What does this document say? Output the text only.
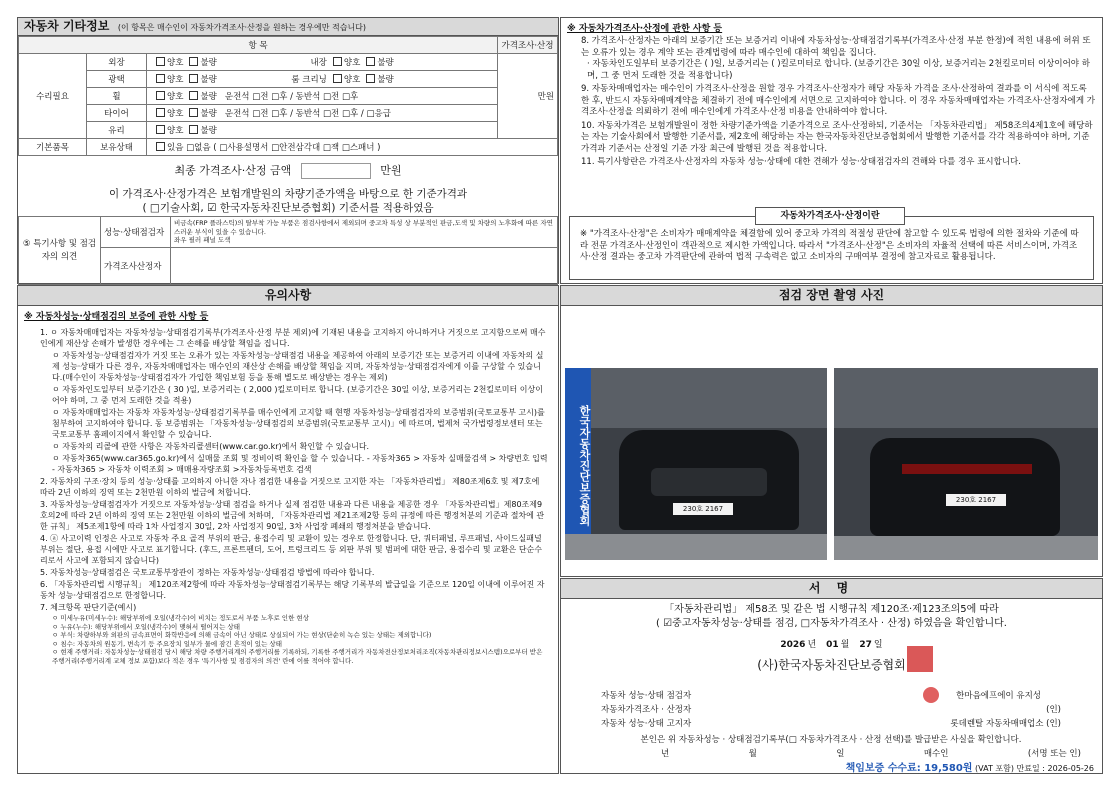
자동차 기타정보 (이 항목은 매수인이 자동차가격조사·산정을 원하는 경우에만 적습니다)
항 목			가격조사·산정
수리필요	외장	양호 불량 내장 양호 불량	만원
	광택	양호 불량 룸 크리닝 양호 불량	
	휠	양호 불량 운전석 □전 □후 / 동반석 □전 □후	
	타이어	양호 불량 운전석 □전 □후 / 동반석 □전 □후 / □응급	
	유리	양호 불량	
기본품목	보유상태	있음 □없음 ( □사용설명서 □안전삼각대 □잭 □스패너 )	
최종 가격조사·산정 금액	만원
이 가격조사·산정가격은 보험개발원의 차량기준가액을 바탕으로 한 기준가격과
( □기술사회, ☑ 한국자동차진단보증협회) 기준서를 적용하였음
⑤ 특기사항 및 점검자의 의견	성능·상태점검자	비금속(FRP 플라스틱)의 탈부착 가능 부품은 점검사항에서 제외되며 중고차 특성 상 부분적인 판금,도색 및 차량의 노후화에 따른 자연스러운 부식이 있을 수 있습니다.
좌우 필러 패널 도색

	가격조사산정자	
※ 자동차가격조사·산정에 관한 사항 등
8. 가격조사·산정자는 아래의 보증기간 또는 보증거리 이내에 자동차성능·상태점검기록부(가격조사·산정 부분 한정)에 적힌 내용에 허위 또는 오류가 있는 경우 계약 또는 관계법령에 따라 매수인에 대하여 책임을 집니다.
· 자동차인도일부터 보증기간은 ( )일, 보증거리는 ( )킬로미터로 합니다. (보증기간은 30일 이상, 보증거리는 2천킬로미터 이상이어야 하며, 그 중 먼저 도래한 것을 적용합니다)
9. 자동차매매업자는 매수인이 가격조사·산정을 원할 경우 가격조사·산정자가 해당 자동차 가격을 조사·산정하여 결과를 이 서식에 적도록 한 후, 반드시 자동차매매계약을 체결하기 전에 매수인에게 서면으로 고지하여야 합니다. 이 경우 자동차매매업자는 가격조사·산정자에게 가격조사·산정을 의뢰하기 전에 매수인에게 가격조사·산정 비용을 안내하여야 합니다.
10. 자동차가격은 보험개발원이 정한 차량기준가액을 기준가격으로 조사·산정하되, 기준서는 「자동차관리법」 제58조의4제1호에 해당하는 자는 기술사회에서 발행한 기준서를, 제2호에 해당하는 자는 한국자동차진단보증협회에서 발행한 기준서를 각각 적용하여야 하며, 기준가격과 기준서는 산정일 기준 가장 최근에 발행된 것을 적용합니다.
11. 특기사항란은 가격조사·산정자의 자동차 성능·상태에 대한 견해가 성능·상태점검자의 견해와 다를 경우 표시합니다.
자동차가격조사·산정이란
※ "가격조사·산정"은 소비자가 매매계약을 체결함에 있어 중고차 가격의 적절성 판단에 참고할 수 있도록 법령에 의한 절차와 기준에 따라 전문 가격조사·산정인이 객관적으로 제시한 가액입니다. 따라서 "가격조사·산정"은 소비자의 자율적 선택에 따른 서비스이며, 가격조사·산정 결과는 중고차 가격판단에 관하여 법적 구속력은 없고 소비자의 구매여부 결정에 참고자료로 활용됩니다.
유의사항
※ 자동차성능·상태점검의 보증에 관한 사항 등
1. ㅇ 자동차매매업자는 자동차성능·상태점검기록부(가격조사·산정 부분 제외)에 기재된 내용을 고지하지 아니하거나 거짓으로 고지함으로써 매수인에게 재산상 손해가 발생한 경우에는 그 손해를 배상할 책임을 집니다.
ㅇ 자동차성능·상태점검자가 거짓 또는 오류가 있는 자동차성능·상태점검 내용을 제공하여 아래의 보증기간 또는 보증거리 이내에 자동차의 실제 성능·상태가 다른 경우, 자동차매매업자는 매수인의 재산상 손해를 배상할 책임을 지며, 자동차성능·상태점검자에게 이를 구상할 수 있습니다.(매수인이 자동차성능·상태점검자가 가입한 책임보험 등을 통해 별도로 배상받는 경우는 제외)
ㅇ 자동차인도일부터 보증기간은 ( 30 )일, 보증거리는 ( 2,000 )킬로미터로 합니다. (보증기간은 30일 이상, 보증거리는 2천킬로미터 이상이어야 하며, 그 중 먼저 도래한 것을 적용)
ㅇ 자동차매매업자는 자동차 자동차성능·상태점검기록부를 매수인에게 고지할 때 현행 자동차성능·상태점검자의 보증범위(국토교통부 고시)를 첨부하여 고지하여야 합니다. 동 보증범위는 「자동차성능·상태점검의 보증범위(국토교통부 고시)」에 따르며, 법제처 국가법령정보센터 또는 국토교통부 홈페이지에서 확인할 수 있습니다.
ㅇ 자동차의 리콜에 관한 사항은 자동차리콜센터(www.car.go.kr)에서 확인할 수 있습니다.
ㅇ 자동차365(www.car365.go.kr)에서 실매물 조회 및 정비이력 확인을 할 수 있습니다. - 자동차365 > 자동차 실매물검색 > 차량번호 입력 - 자동차365 > 자동차 이력조회 > 매매용자량조회 >자동차등록번호 검색
2. 자동차의 구조·장치 등의 성능·상태를 고의하지 아니한 자나 점검한 내용을 거짓으로 고지한 자는 「자동차관리법」 제80조제6호 및 제7호에 따라 2년 이하의 징역 또는 2천만원 이하의 벌금에 처합니다.
3. 자동차성능·상태점검자가 거짓으로 자동차성능·상태 점검을 하거나 실제 점검한 내용과 다른 내용을 제공한 경우 「자동차관리법」제80조제9호의2에 따라 2년 이하의 징역 또는 2천만원 이하의 벌금에 처하며, 「자동차관리법 제21조제2항 등의 규정에 따른 행정처분의 기준과 절차에 관한 규칙」 제5조제1항에 따라 1차 사업정지 30일, 2차 사업정지 90일, 3차 사업장 폐쇄의 행정처분을 받습니다.
4. ⓐ 사고이력 인정은 사고로 자동차 주요 골격 부위의 판금, 용접수리 및 교환이 있는 경우로 한정합니다. 단, 쿼터패널, 루프패널, 사이드실패널 부위는 절단, 용접 시에만 사고로 표기합니다. (후드, 프론트펜더, 도어, 트렁크리드 등 외판 부위 및 범퍼에 대한 판금, 용접수리 및 교환은 단순수리로서 사고에 포함되지 않습니다)
5. 자동차성능·상태점검은 국토교통부장관이 정하는 자동차성능·상태점검 방법에 따라야 합니다.
6. 「자동차관리법 시행규칙」 제120조제2항에 따라 자동차성능·상태점검기록부는 해당 기록부의 발급일을 기준으로 120일 이내에 이루어진 자동차 성능·상태점검으로 한정합니다.
7. 체크항목 판단기준(예시)
ㅇ 미세누유(미세누수): 해당부위에 오일(냉각수)이 비치는 정도로서 부품 노후로 인한 현상
ㅇ 누유(누수): 해당부위에서 오일(냉각수)이 맺혀서 떨어지는 상태
ㅇ 부식: 차량하부와 외판의 금속표면이 화학반응에 의해 금속이 아닌 상태로 상실되어 가는 현상(단순히 녹슨 있는 상태는 제외합니다)
ㅇ 침수: 자동차의 원동기, 변속기 등 주요장치 일부가 물에 잠긴 흔적이 있는 상태
ㅇ 현재 주행거리: 자동차성능·상태점검 당시 해당 차량 주행거리계의 주행거리를 기록하되, 기록한 주행거리가 자동차전산정보처리조직(자동차관리정보시스템)으로부터 받은 주행거리(주행거리계 교체 정보 포함)보다 적은 경우 '특기사항 및 점검자의 의견' 란에 이를 적어야 합니다.
점검 장면 촬영 사진
한국자동차진단보증협회	230호 2167
230호 2167
서 명
「자동차관리법」 제58조 및 같은 법 시행규칙 제120조·제123조의5에 따라
( ☑중고자동차성능·상태를 점검, □자동차가격조사 · 산정) 하였음을 확인합니다.
2026 년 01 월 27 일
(사)한국자동차진단보증협회
자동차 성능·상태 점검자	한마음에프에이 유지성
자동차가격조사 · 산정자	(인)
자동차 성능·상태 고지자	롯데렌탈 자동차매매업소 (인)
본인은 위 자동차성능 · 상태점검기록부(□ 자동차가격조사 · 산정 선택)를 발급받은 사실을 확인합니다.
년	월	일	매수인	(서명 또는 인)
책임보증 수수료: 19,580원 (VAT 포함) 만료일 : 2026-05-26
